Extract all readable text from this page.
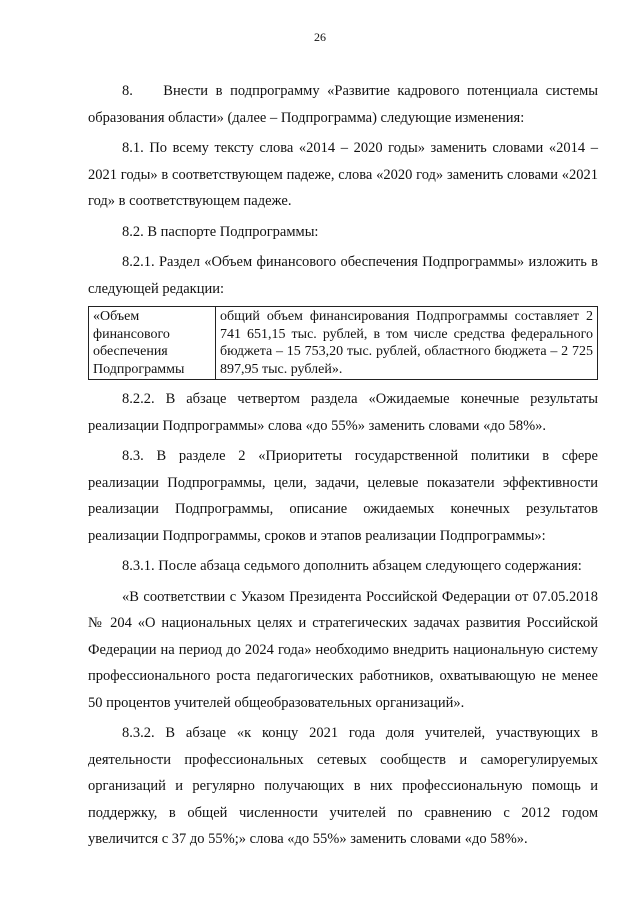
26

8.    Внести в подпрограмму «Развитие кадрового потенциала системы образования области» (далее – Подпрограмма) следующие изменения:

8.1. По всему тексту слова «2014 – 2020 годы» заменить словами «2014 – 2021 годы» в соответствующем падеже, слова «2020 год» заменить словами «2021 год» в соответствующем падеже.

8.2. В паспорте Подпрограммы:

8.2.1. Раздел «Объем финансового обеспечения Подпрограммы» изложить в следующей редакции:

«Объем
финансового
обеспечения
Подпрограммы
	общий объем финансирования Подпрограммы составляет 2 741 651,15 тыс. рублей, в том числе средства федерального бюджета – 15 753,20 тыс. рублей, областного бюджета – 2 725 897,95 тыс. рублей».

8.2.2. В абзаце четвертом раздела «Ожидаемые конечные результаты реализации Подпрограммы» слова «до 55%» заменить словами «до 58%».

8.3. В разделе 2 «Приоритеты государственной политики в сфере реализации Подпрограммы, цели, задачи, целевые показатели эффективности реализации Подпрограммы, описание ожидаемых конечных результатов реализации Подпрограммы, сроков и этапов реализации Подпрограммы»:

8.3.1. После абзаца седьмого дополнить абзацем следующего содержания:

«В соответствии с Указом Президента Российской Федерации от 07.05.2018 № 204 «О национальных целях и стратегических задачах развития Российской Федерации на период до 2024 года» необходимо внедрить национальную систему профессионального роста педагогических работников, охватывающую не менее 50 процентов учителей общеобразовательных организаций».

8.3.2. В абзаце «к концу 2021 года доля учителей, участвующих в деятельности профессиональных сетевых сообществ и саморегулируемых организаций и регулярно получающих в них профессиональную помощь и поддержку, в общей численности учителей по сравнению с 2012 годом увеличится с 37 до 55%;» слова «до 55%» заменить словами «до 58%».
